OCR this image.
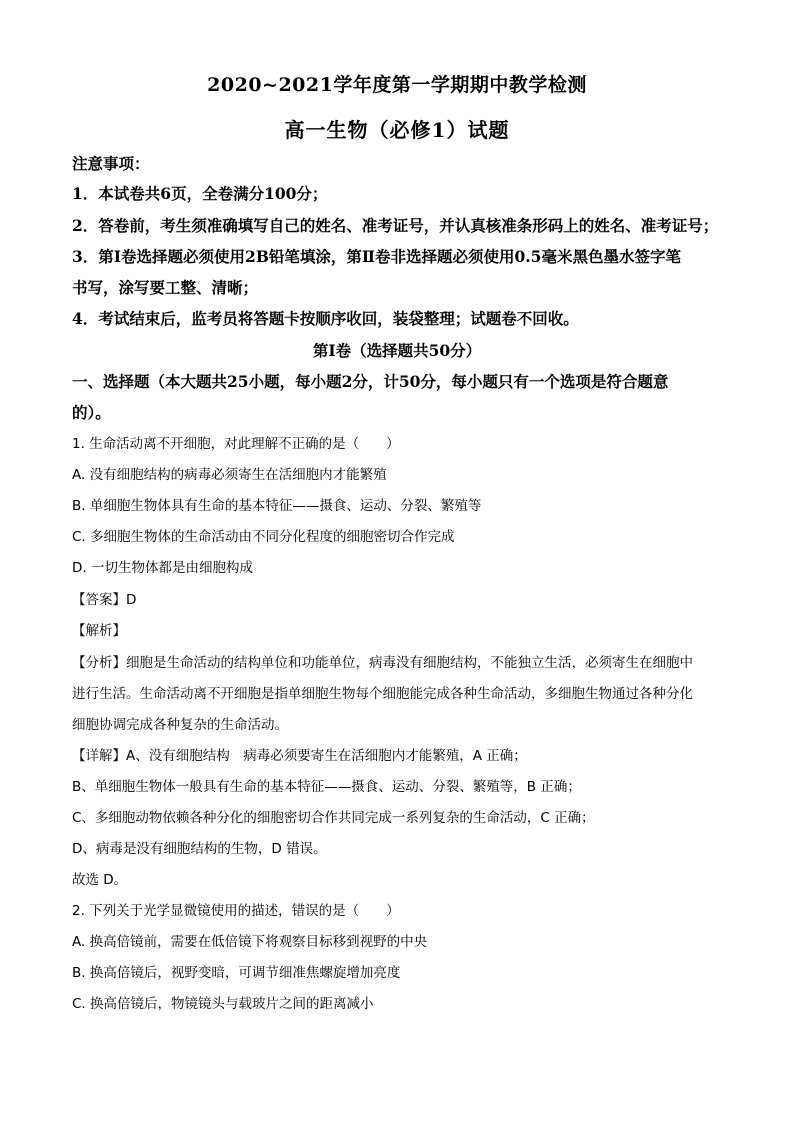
2020~2021学年度第一学期期中教学检测
高一生物（必修1）试题
注意事项：
1．本试卷共6页，全卷满分100分；
2．答卷前，考生须准确填写自己的姓名、准考证号，并认真核准条形码上的姓名、准考证号；
3．第Ⅰ卷选择题必须使用2B铅笔填涂，第Ⅱ卷非选择题必须使用0.5毫米黑色墨水签字笔
书写，涂写要工整、清晰；
4．考试结束后，监考员将答题卡按顺序收回，装袋整理；试题卷不回收。
第Ⅰ卷（选择题共50分）
一、选择题（本大题共25小题，每小题2分，计50分，每小题只有一个选项是符合题意
的）。
1. 生命活动离不开细胞，对此理解不正确的是（　　）
A. 没有细胞结构的病毒必须寄生在活细胞内才能繁殖
B. 单细胞生物体具有生命的基本特征——摄食、运动、分裂、繁殖等
C. 多细胞生物体的生命活动由不同分化程度的细胞密切合作完成
D. 一切生物体都是由细胞构成
【答案】D
【解析】
【分析】细胞是生命活动的结构单位和功能单位，病毒没有细胞结构，不能独立生活，必须寄生在细胞中
进行生活。生命活动离不开细胞是指单细胞生物每个细胞能完成各种生命活动，多细胞生物通过各种分化
细胞协调完成各种复杂的生命活动。
【详解】A、没有细胞结构　病毒必须要寄生在活细胞内才能繁殖，A 正确；
B、单细胞生物体一般具有生命的基本特征——摄食、运动、分裂、繁殖等，B 正确；
C、多细胞动物依赖各种分化的细胞密切合作共同完成一系列复杂的生命活动，C 正确；
D、病毒是没有细胞结构的生物，D 错误。
故选 D。
2. 下列关于光学显微镜使用的描述，错误的是（　　）
A. 换高倍镜前，需要在低倍镜下将观察目标移到视野的中央
B. 换高倍镜后，视野变暗，可调节细准焦螺旋增加亮度
C. 换高倍镜后，物镜镜头与载玻片之间的距离减小
